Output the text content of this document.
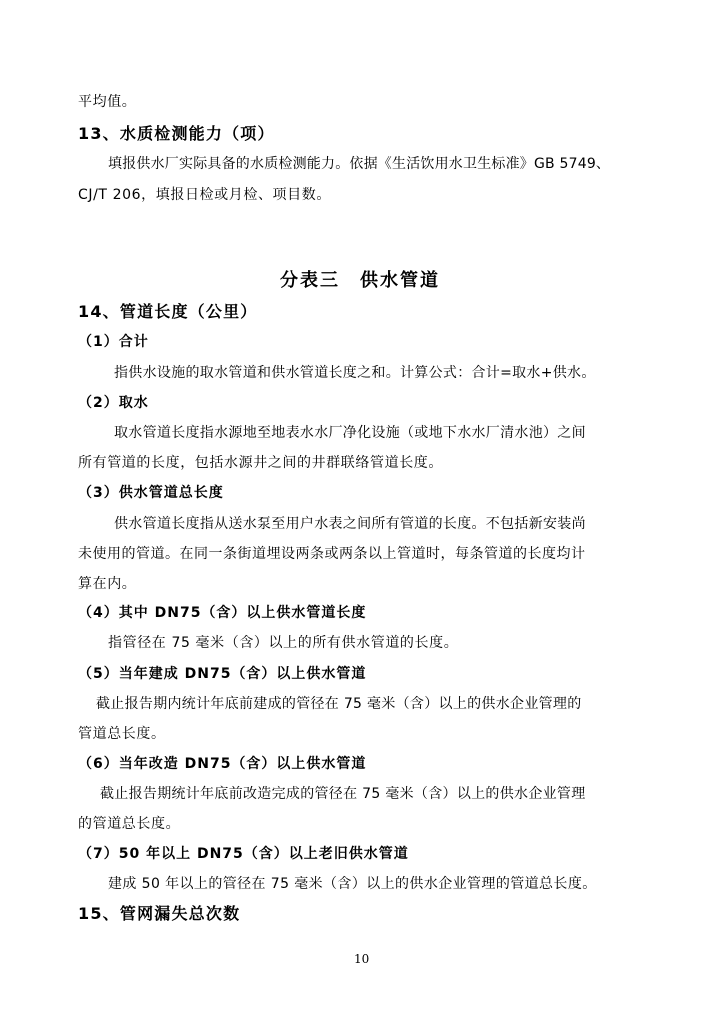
平均值。
13、水质检测能力（项）
填报供水厂实际具备的水质检测能力。依据《生活饮用水卫生标准》GB 5749、
CJ/T 206，填报日检或月检、项目数。
分表三　供水管道
14、管道长度（公里）
（1）合计
指供水设施的取水管道和供水管道长度之和。计算公式：合计=取水+供水。
（2）取水
取水管道长度指水源地至地表水水厂净化设施（或地下水水厂清水池）之间
所有管道的长度，包括水源井之间的井群联络管道长度。
（3）供水管道总长度
供水管道长度指从送水泵至用户水表之间所有管道的长度。不包括新安装尚
未使用的管道。在同一条街道埋设两条或两条以上管道时，每条管道的长度均计
算在内。
（4）其中 DN75（含）以上供水管道长度
指管径在 75 毫米（含）以上的所有供水管道的长度。
（5）当年建成 DN75（含）以上供水管道
截止报告期内统计年底前建成的管径在 75 毫米（含）以上的供水企业管理的
管道总长度。
（6）当年改造 DN75（含）以上供水管道
截止报告期统计年底前改造完成的管径在 75 毫米（含）以上的供水企业管理
的管道总长度。
（7）50 年以上 DN75（含）以上老旧供水管道
建成 50 年以上的管径在 75 毫米（含）以上的供水企业管理的管道总长度。
15、管网漏失总次数
10
